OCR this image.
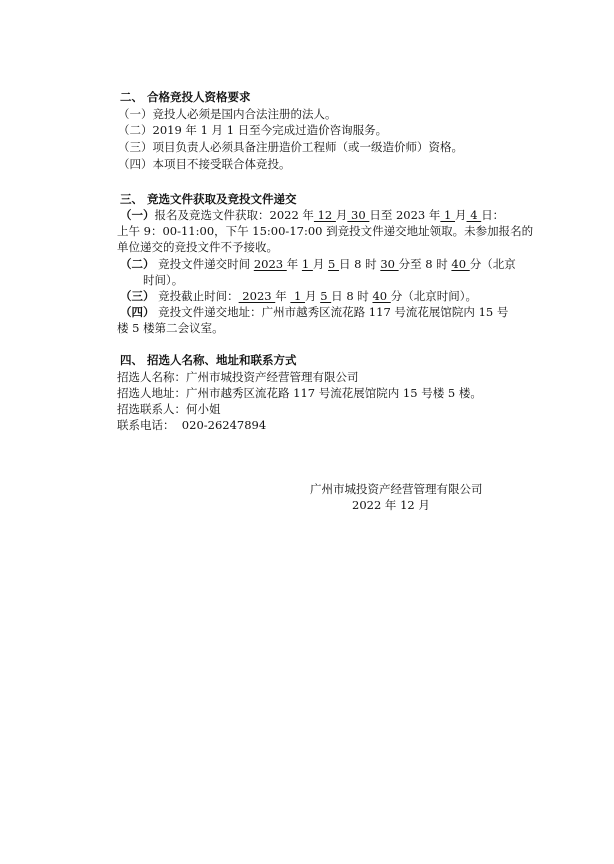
二、 合格竞投人资格要求
（一）竞投人必须是国内合法注册的法人。
（二）2019 年 1 月 1 日至今完成过造价咨询服务。
（三）项目负责人必须具备注册造价工程师（或一级造价师）资格。
（四）本项目不接受联合体竞投。
三、 竞选文件获取及竞投文件递交
（一）报名及竞选文件获取：2022 年 12 月 30 日至 2023 年 1 月 4 日：
上午 9：00-11:00，下午 15:00-17:00 到竞投文件递交地址领取。未参加报名的
单位递交的竞投文件不予接收。
（二） 竞投文件递交时间 2023 年 1 月 5 日 8 时 30 分至 8 时 40 分（北京
时间）。
（三） 竞投截止时间： 2023 年  1 月 5 日 8 时 40 分（北京时间）。
（四） 竞投文件递交地址：广州市越秀区流花路 117 号流花展馆院内 15 号
楼 5 楼第二会议室。
四、 招选人名称、地址和联系方式
招选人名称：广州市城投资产经营管理有限公司
招选人地址：广州市越秀区流花路 117 号流花展馆院内 15 号楼 5 楼。
招选联系人：何小姐
联系电话：  020-26247894
广州市城投资产经营管理有限公司
2022 年 12 月
